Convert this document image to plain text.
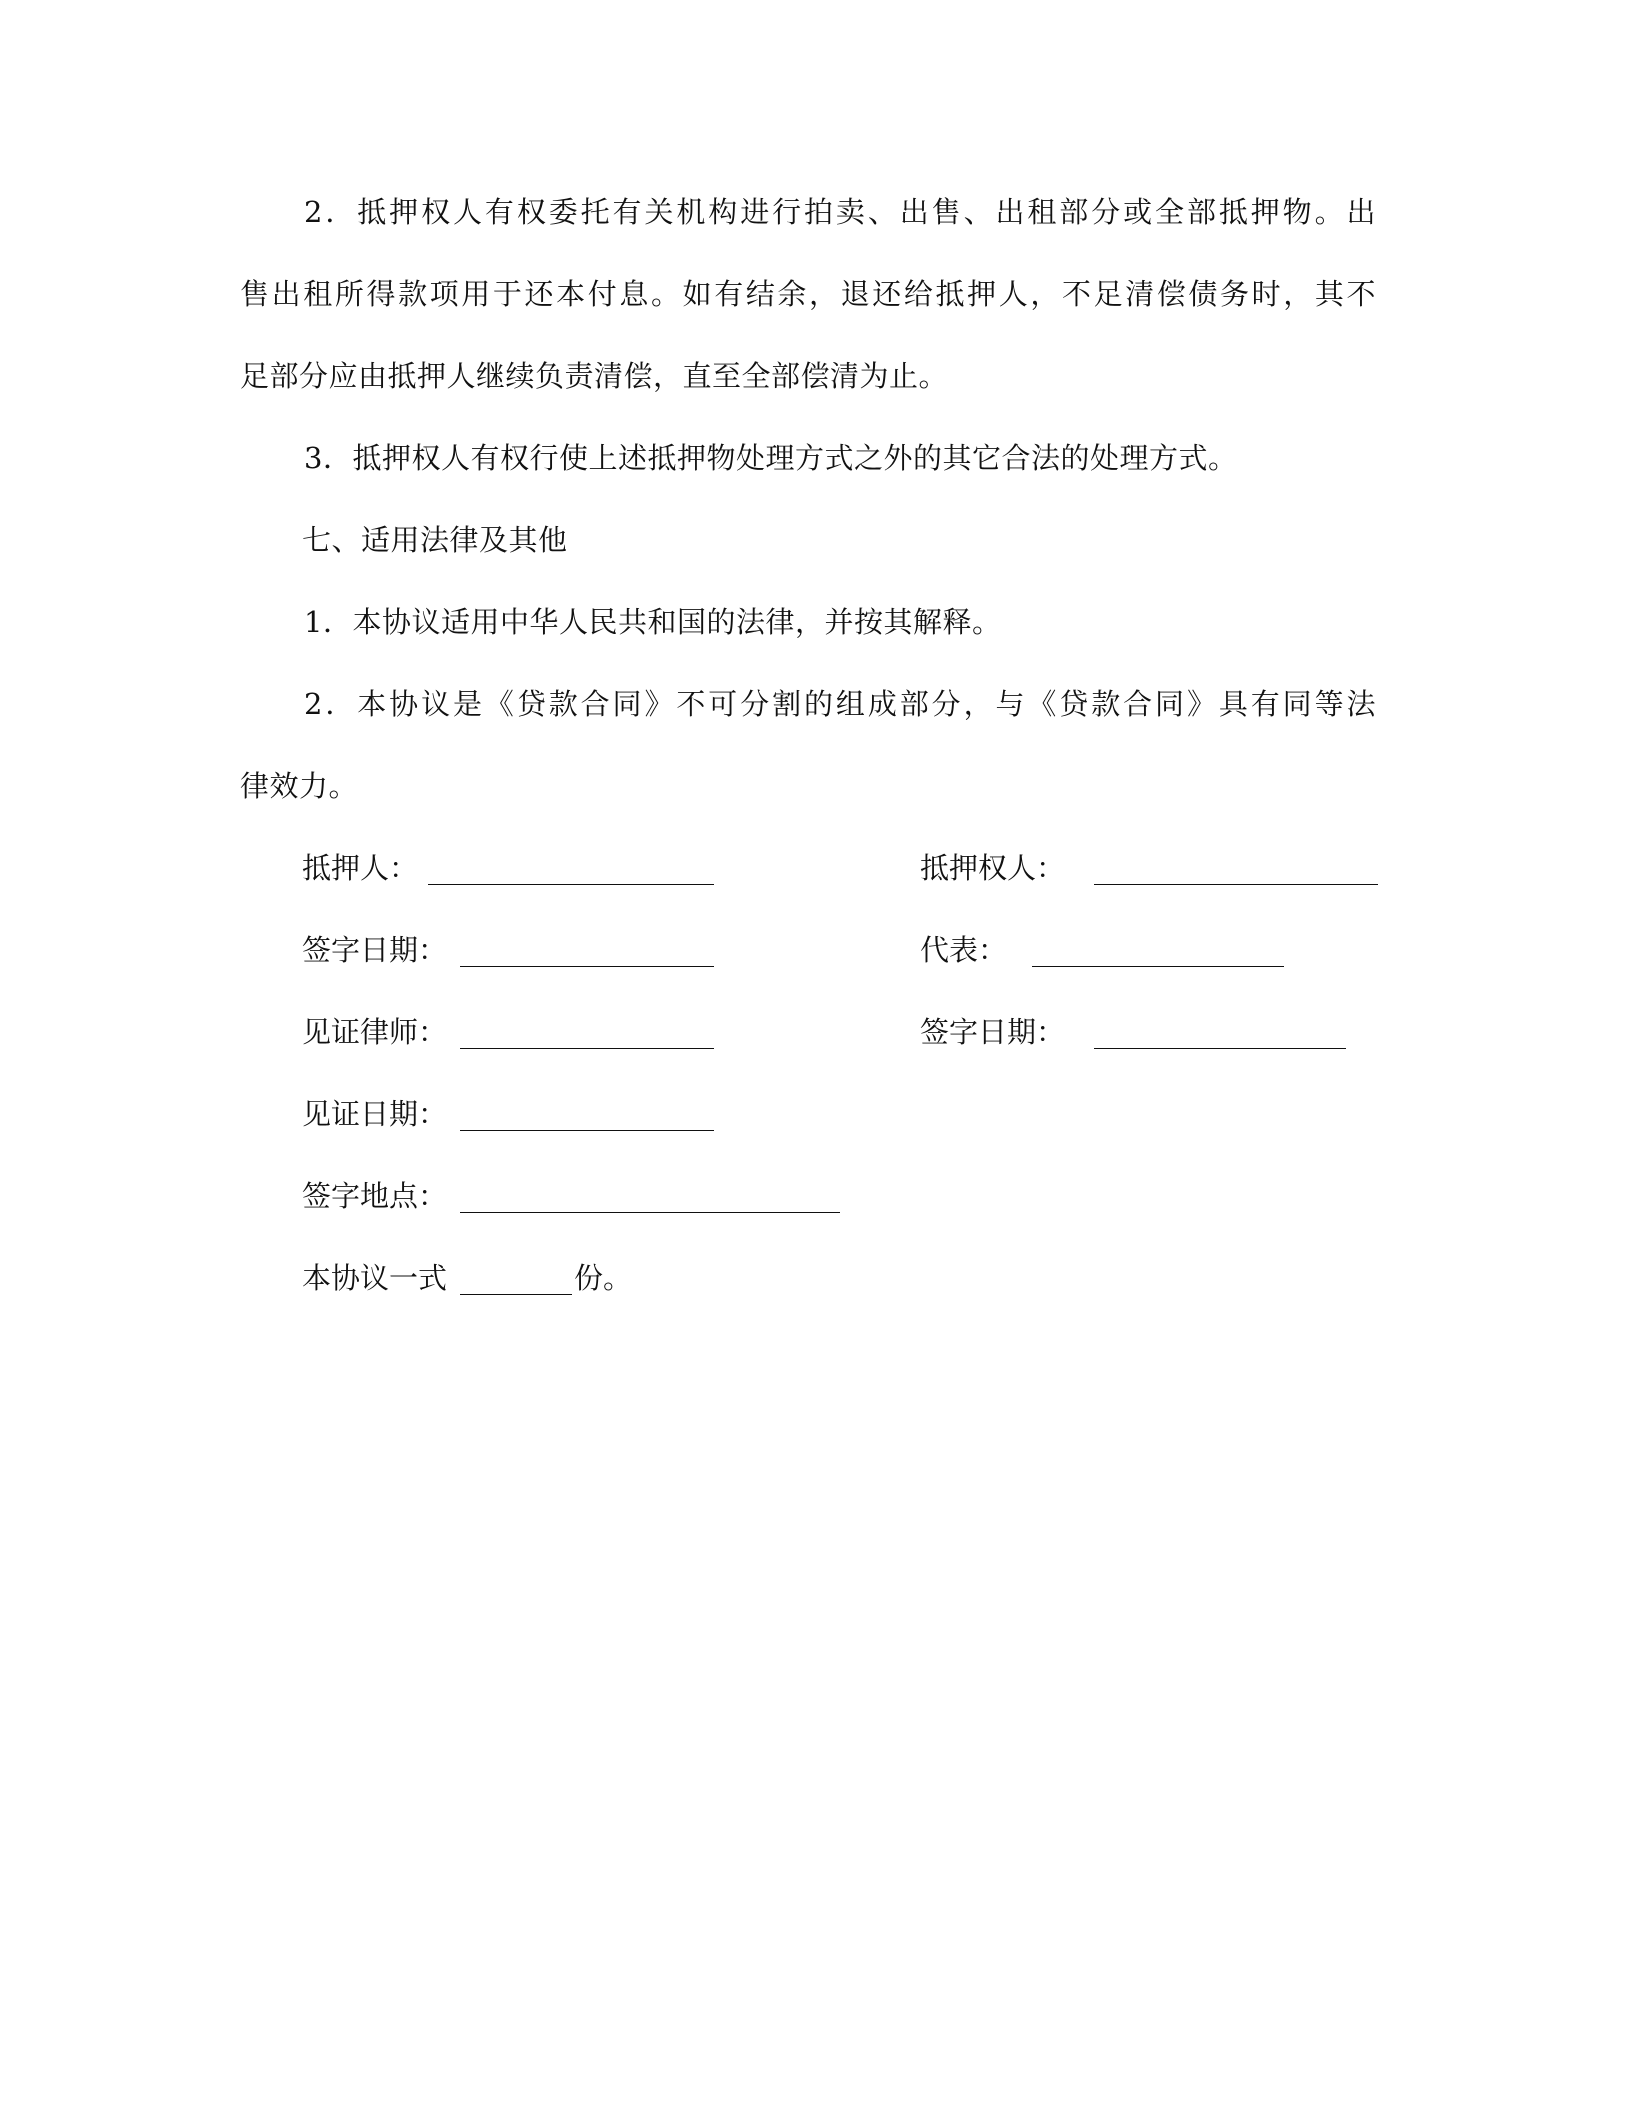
2．抵押权人有权委托有关机构进行拍卖、出售、出租部分或全部抵押物。出
售出租所得款项用于还本付息。如有结余，退还给抵押人，不足清偿债务时，其不
足部分应由抵押人继续负责清偿，直至全部偿清为止。
3．抵押权人有权行使上述抵押物处理方式之外的其它合法的处理方式。
七、适用法律及其他
1．本协议适用中华人民共和国的法律，并按其解释。
2．本协议是《贷款合同》不可分割的组成部分，与《贷款合同》具有同等法
律效力。
抵押人：
签字日期：
见证律师：
见证日期：
签字地点：
本协议一式	份。
抵押权人：
代表：
签字日期：
